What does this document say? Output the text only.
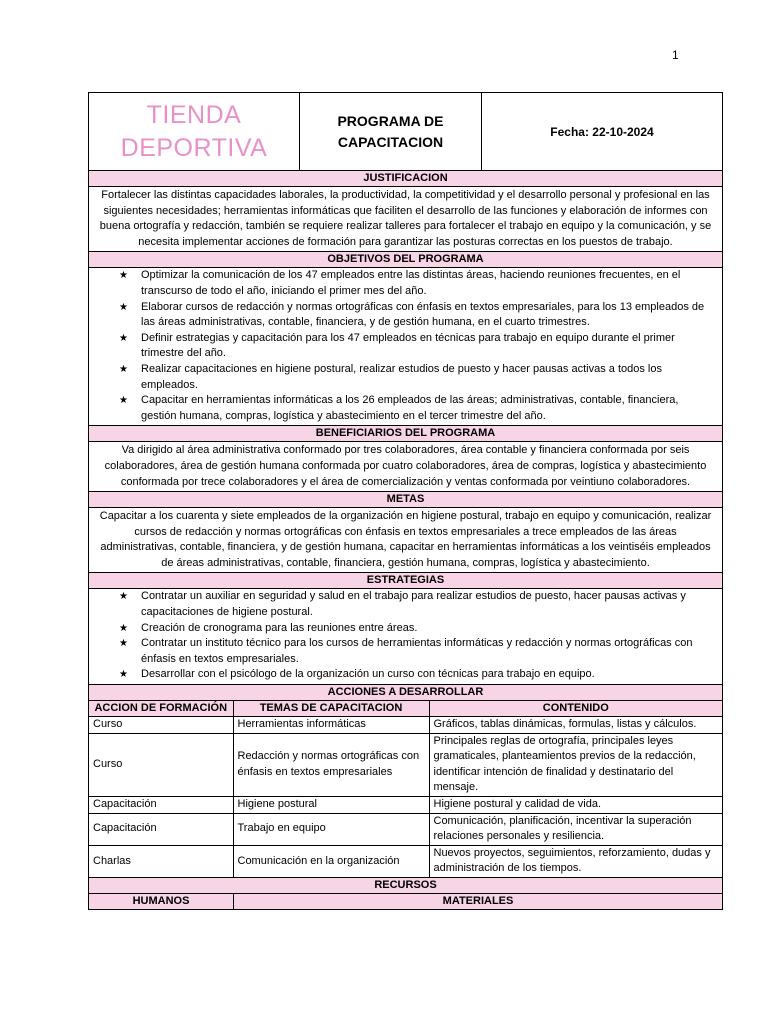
1
TIENDA
DEPORTIVA
PROGRAMA DE
CAPACITACION
Fecha: 22-10-2024
JUSTIFICACION
Fortalecer las distintas capacidades laborales, la productividad, la competitividad y el desarrollo personal y profesional en las siguientes necesidades; herramientas informáticas que faciliten el desarrollo de las funciones y elaboración de informes con buena ortografía y redacción, también se requiere realizar talleres para fortalecer el trabajo en equipo y la comunicación, y se necesita implementar acciones de formación para garantizar las posturas correctas en los puestos de trabajo.
OBJETIVOS DEL PROGRAMA
★ Optimizar la comunicación de los 47 empleados entre las distintas áreas, haciendo reuniones frecuentes, en el transcurso de todo el año, iniciando el primer mes del año.
★ Elaborar cursos de redacción y normas ortográficas con énfasis en textos empresariales, para los 13 empleados de las áreas administrativas, contable, financiera, y de gestión humana, en el cuarto trimestres.
★ Definir estrategias y capacitación para los 47 empleados en técnicas para trabajo en equipo durante el primer trimestre del año.
★ Realizar capacitaciones en higiene postural, realizar estudios de puesto y hacer pausas activas a todos los empleados.
★ Capacitar en herramientas informáticas a los 26 empleados de las áreas; administrativas, contable, financiera, gestión humana, compras, logística y abastecimiento en el tercer trimestre del año.
BENEFICIARIOS DEL PROGRAMA
Va dirigido al área administrativa conformado por tres colaboradores, área contable y financiera conformada por seis colaboradores, área de gestión humana conformada por cuatro colaboradores, área de compras, logística y abastecimiento conformada por trece colaboradores y el área de comercialización y ventas conformada por veintiuno colaboradores.
METAS
Capacitar a los cuarenta y siete empleados de la organización en higiene postural, trabajo en equipo y comunicación, realizar cursos de redacción y normas ortográficas con énfasis en textos empresariales a trece empleados de las áreas administrativas, contable, financiera, y de gestión humana, capacitar en herramientas informáticas a los veintiséis empleados de áreas administrativas, contable, financiera, gestión humana, compras, logística y abastecimiento.
ESTRATEGIAS
★ Contratar un auxiliar en seguridad y salud en el trabajo para realizar estudios de puesto, hacer pausas activas y capacitaciones de higiene postural.
★ Creación de cronograma para las reuniones entre áreas.
★ Contratar un instituto técnico para los cursos de herramientas informáticas y redacción y normas ortográficas con énfasis en textos empresariales.
★ Desarrollar con el psicólogo de la organización un curso con técnicas para trabajo en equipo.
ACCIONES A DESARROLLAR
ACCION DE FORMACIÓN	TEMAS DE CAPACITACION	CONTENIDO
Curso	Herramientas informáticas	Gráficos, tablas dinámicas, formulas, listas y cálculos.
Curso	Redacción y normas ortográficas con énfasis en textos empresariales	Principales reglas de ortografía, principales leyes gramaticales, planteamientos previos de la redacción, identificar intención de finalidad y destinatario del mensaje.
Capacitación	Higiene postural	Higiene postural y calidad de vida.
Capacitación	Trabajo en equipo	Comunicación, planificación, incentivar la superación relaciones personales y resiliencia.
Charlas	Comunicación en la organización	Nuevos proyectos, seguimientos, reforzamiento, dudas y administración de los tiempos.
RECURSOS
HUMANOS	MATERIALES
